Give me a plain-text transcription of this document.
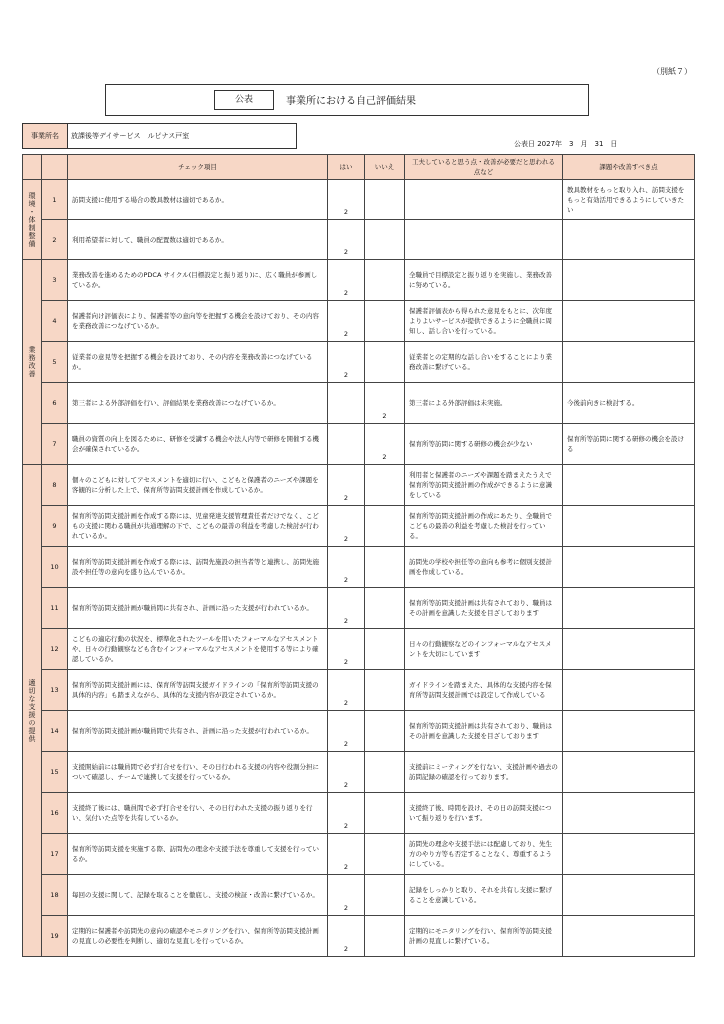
（別紙７）
公表	事業所における自己評価結果
事業所名	放課後等デイサービス　ルピナス戸室
公表日 2027年　3　月　31　日
		チェック項目	はい	いいえ	工夫していると思う点・改善が必要だと思われる点など	課題や改善すべき点

環境・体制整備	1	訪問支援に使用する場合の教具教材は適切であるか。	2			教具教材をもっと取り入れ、訪問支援をもっと有効活用できるようにしていきたい
	2	利用希望者に対して、職員の配置数は適切であるか。	2			

業務改善	3	業務改善を進めるためのPDCA サイクル(目標設定と振り返り)に、広く職員が参画しているか。	2		全職員で目標設定と振り返りを実施し、業務改善に努めている。	
	4	保護者向け評価表により、保護者等の意向等を把握する機会を設けており、その内容を業務改善につなげているか。	2		保護者評価表から得られた意見をもとに、次年度よりよいサービスが提供できるように全職員に周知し、話し合いを行っている。	
	5	従業者の意見等を把握する機会を設けており、その内容を業務改善につなげているか。	2		従業者との定期的な話し合いをすることにより業務改善に繋げている。	
	6	第三者による外部評価を行い、評価結果を業務改善につなげているか。		2	第三者による外部評価は未実施。	今後前向きに検討する。
	7	職員の資質の向上を図るために、研修を受講する機会や法人内等で研修を開催する機会が確保されているか。		2	保育所等訪問に関する研修の機会が少ない	保育所等訪問に関する研修の機会を設ける

適切な支援の提供	8	個々のこどもに対してアセスメントを適切に行い、こどもと保護者のニーズや課題を客観的に分析した上で、保育所等訪問支援計画を作成しているか。	2		利用者と保護者のニーズや課題を踏まえたうえで保育所等訪問支援計画の作成ができるように意識をしている	
	9	保育所等訪問支援計画を作成する際には、児童発達支援管理責任者だけでなく、こどもの支援に関わる職員が共通理解の下で、こどもの最善の利益を考慮した検討が行われているか。	2		保育所等訪問支援計画の作成にあたり、全職員でこどもの最善の利益を考慮した検討を行っている。	
	10	保育所等訪問支援計画を作成する際には、訪問先施設の担当者等と連携し、訪問先施設や担任等の意向を盛り込んでいるか。	2		訪問先の学校や担任等の意向も参考に個別支援計画を作成している。	
	11	保育所等訪問支援計画が職員間に共有され、計画に沿った支援が行われているか。	2		保育所等訪問支援計画は共有されており、職員はその計画を意識した支援を目ざしております	
	12	こどもの適応行動の状況を、標準化されたツールを用いたフォーマルなアセスメントや、日々の行動観察なども含むインフォーマルなアセスメントを使用する等により確認しているか。	2		日々の行動観察などのインフォーマルなアセスメントを大切にしています	
	13	保育所等訪問支援計画には、保育所等訪問支援ガイドラインの「保育所等訪問支援の具体的内容」も踏まえながら、具体的な支援内容が設定されているか。	2		ガイドラインを踏まえた、具体的な支援内容を保育所等訪問支援計画では設定して作成している	
	14	保育所等訪問支援計画が職員間で共有され、計画に沿った支援が行われているか。	2		保育所等訪問支援計画は共有されており、職員はその計画を意識した支援を目ざしております	
	15	支援開始前には職員間で必ず打合せを行い、その日行われる支援の内容や役割分担について確認し、チームで連携して支援を行っているか。	2		支援前にミーティングを行ない、支援計画や過去の訪問記録の確認を行っております。	
	16	支援終了後には、職員間で必ず打合せを行い、その日行われた支援の振り返りを行い、気付いた点等を共有しているか。	2		支援終了後、時間を設け、その日の訪問支援について振り返りを行います。	
	17	保育所等訪問支援を実施する際、訪問先の理念や支援手法を尊重して支援を行っているか。	2		訪問先の理念や支援手法には配慮しており、先生方のやり方等も否定することなく、尊重するようにしている。	
	18	毎回の支援に関して、記録を取ることを徹底し、支援の検証・改善に繋げているか。	2		記録をしっかりと取り、それを共有し支援に繋げることを意識している。	
	19	定期的に保護者や訪問先の意向の確認やモニタリングを行い、保育所等訪問支援計画の見直しの必要性を判断し、適切な見直しを行っているか。	2		定期的にモニタリングを行い、保育所等訪問支援計画の見直しに繋げている。	
